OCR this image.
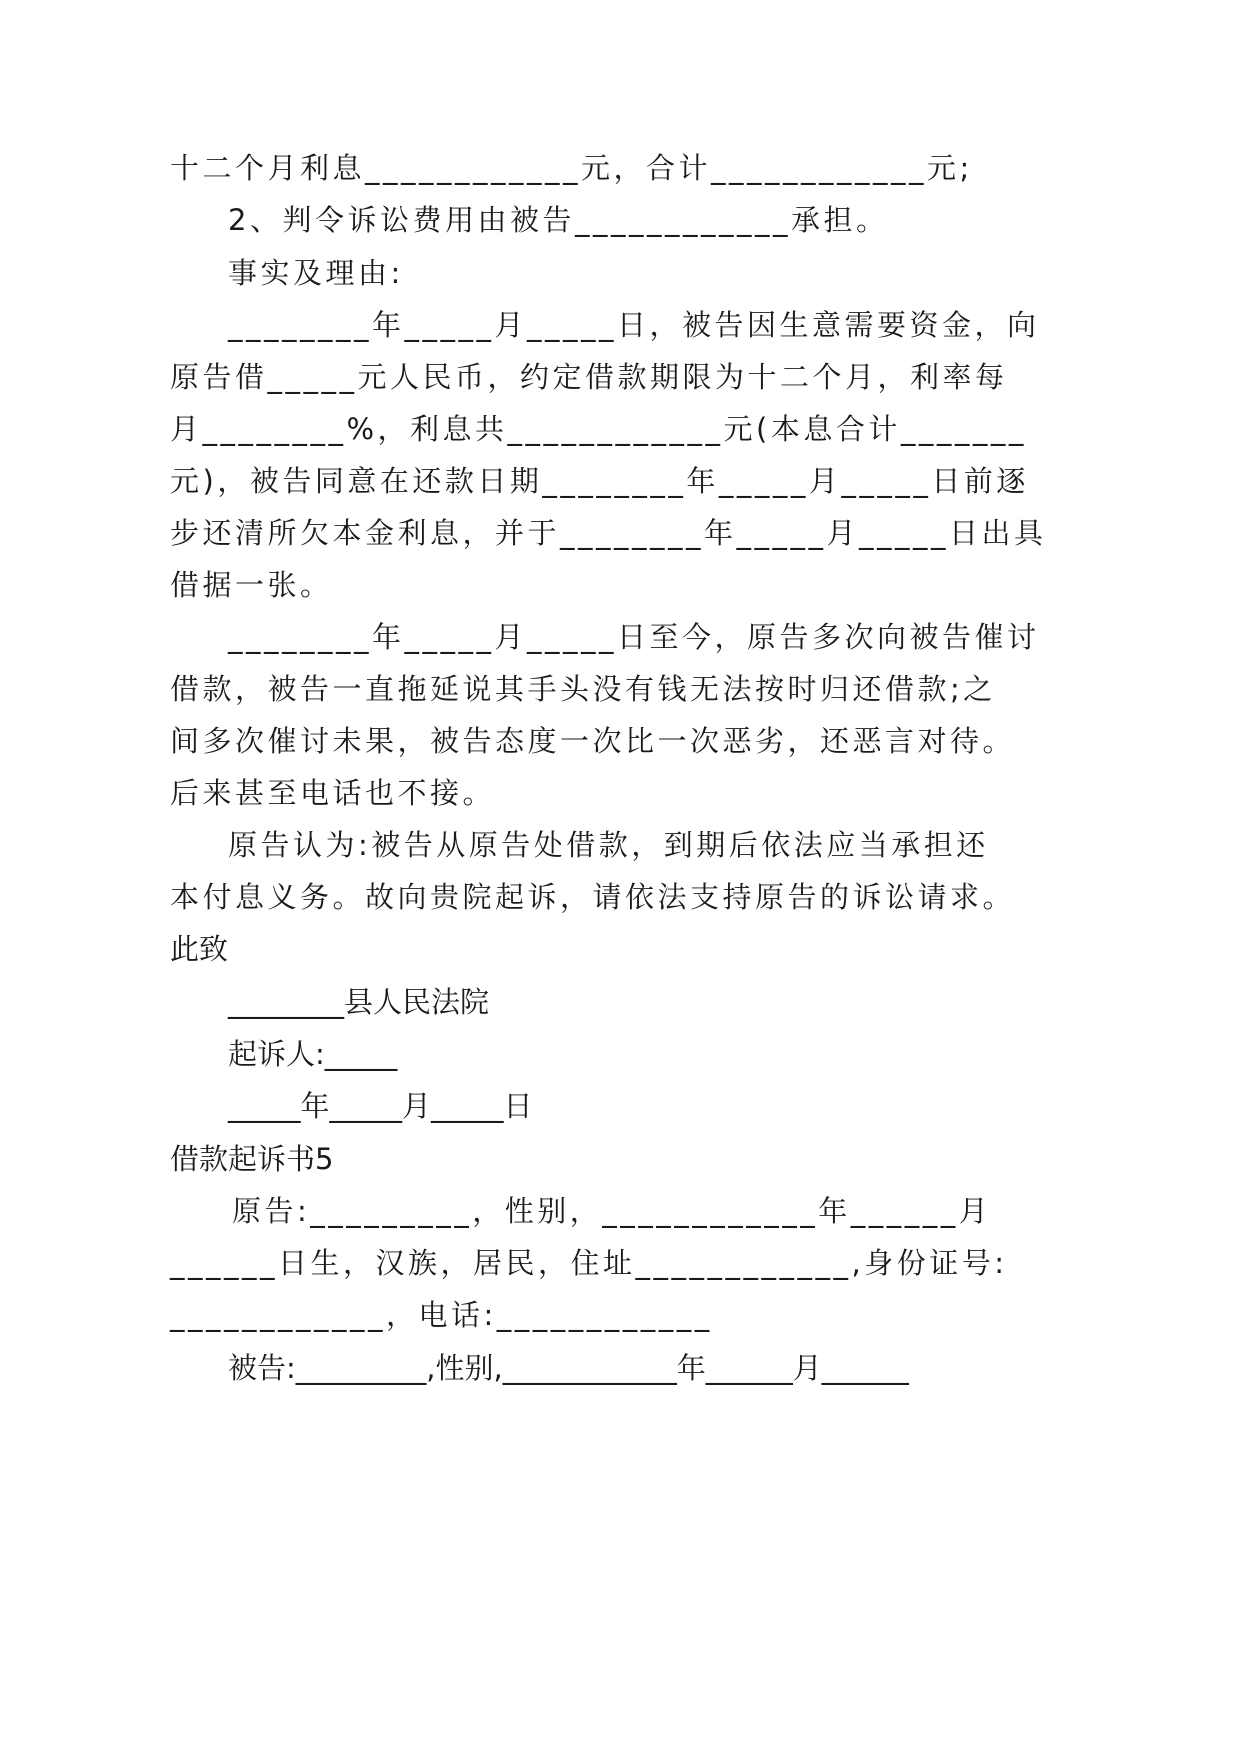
十二个月利息____________元，合计____________元;
2、判令诉讼费用由被告____________承担。
事实及理由:
________年_____月_____日，被告因生意需要资金，向
原告借_____元人民币，约定借款期限为十二个月，利率每
月________%，利息共____________元(本息合计_______
元)，被告同意在还款日期________年_____月_____日前逐
步还清所欠本金利息，并于________年_____月_____日出具
借据一张。
________年_____月_____日至今，原告多次向被告催讨
借款，被告一直拖延说其手头没有钱无法按时归还借款;之
间多次催讨未果，被告态度一次比一次恶劣，还恶言对待。
后来甚至电话也不接。
原告认为:被告从原告处借款，到期后依法应当承担还
本付息义务。故向贵院起诉，请依法支持原告的诉讼请求。
此致
________县人民法院
起诉人:_____
_____年_____月_____日
借款起诉书5
原告:_________，性别，____________年______月
______日生，汉族，居民，住址____________,身份证号:
____________，电话:____________
被告:_________,性别,____________年______月______
